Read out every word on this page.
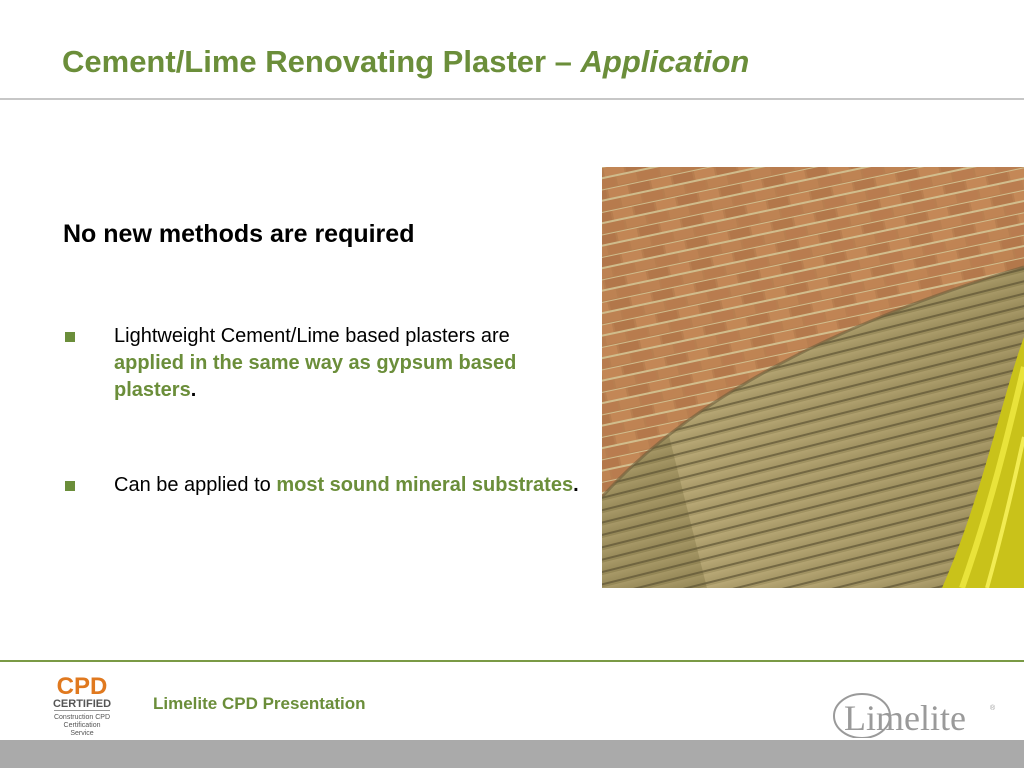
Cement/Lime Renovating Plaster – Application
No new methods are required
Lightweight Cement/Lime based plasters are applied in the same way as gypsum based plasters.
Can be applied to most sound mineral substrates.
CPD
CERTIFIED
Construction CPD
Certification
Service

Limelite CPD Presentation	Limelite	®
